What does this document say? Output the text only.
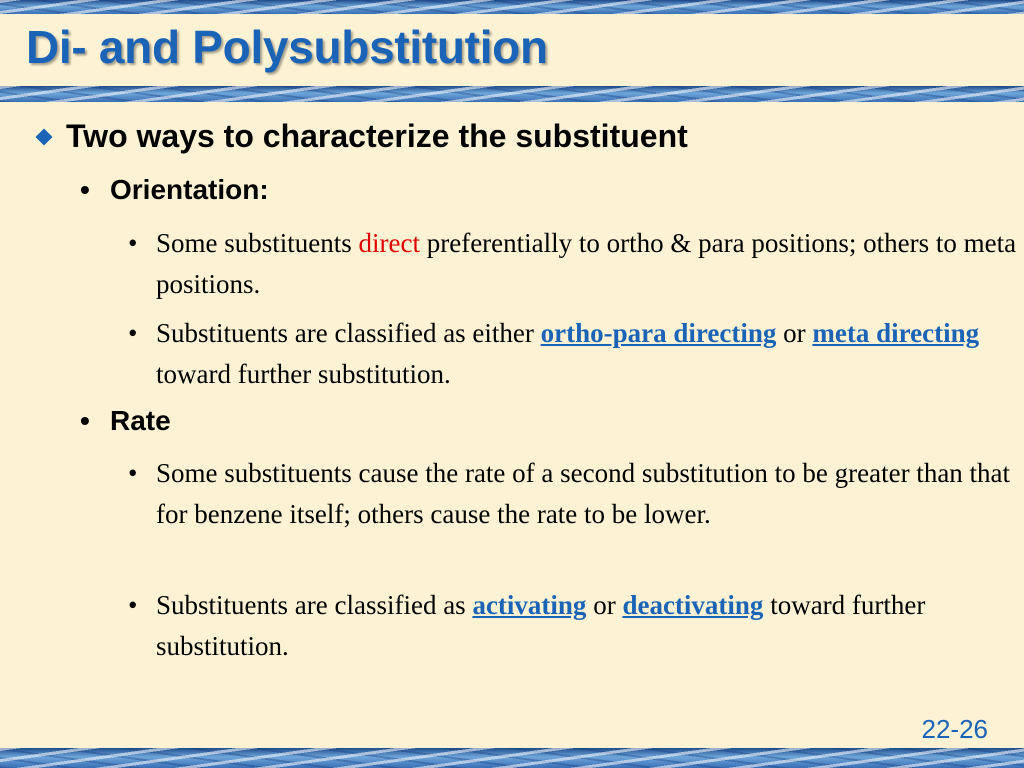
Di- and Polysubstitution
Two ways to characterize the substituent
• Orientation:
• Some substituents direct preferentially to ortho & para positions; others to meta positions.
• Substituents are classified as either ortho-para directing or meta directing toward further substitution.
• Rate
• Some substituents cause the rate of a second substitution to be greater than that for benzene itself; others cause the rate to be lower.
• Substituents are classified as activating or deactivating toward further substitution.
22-26
